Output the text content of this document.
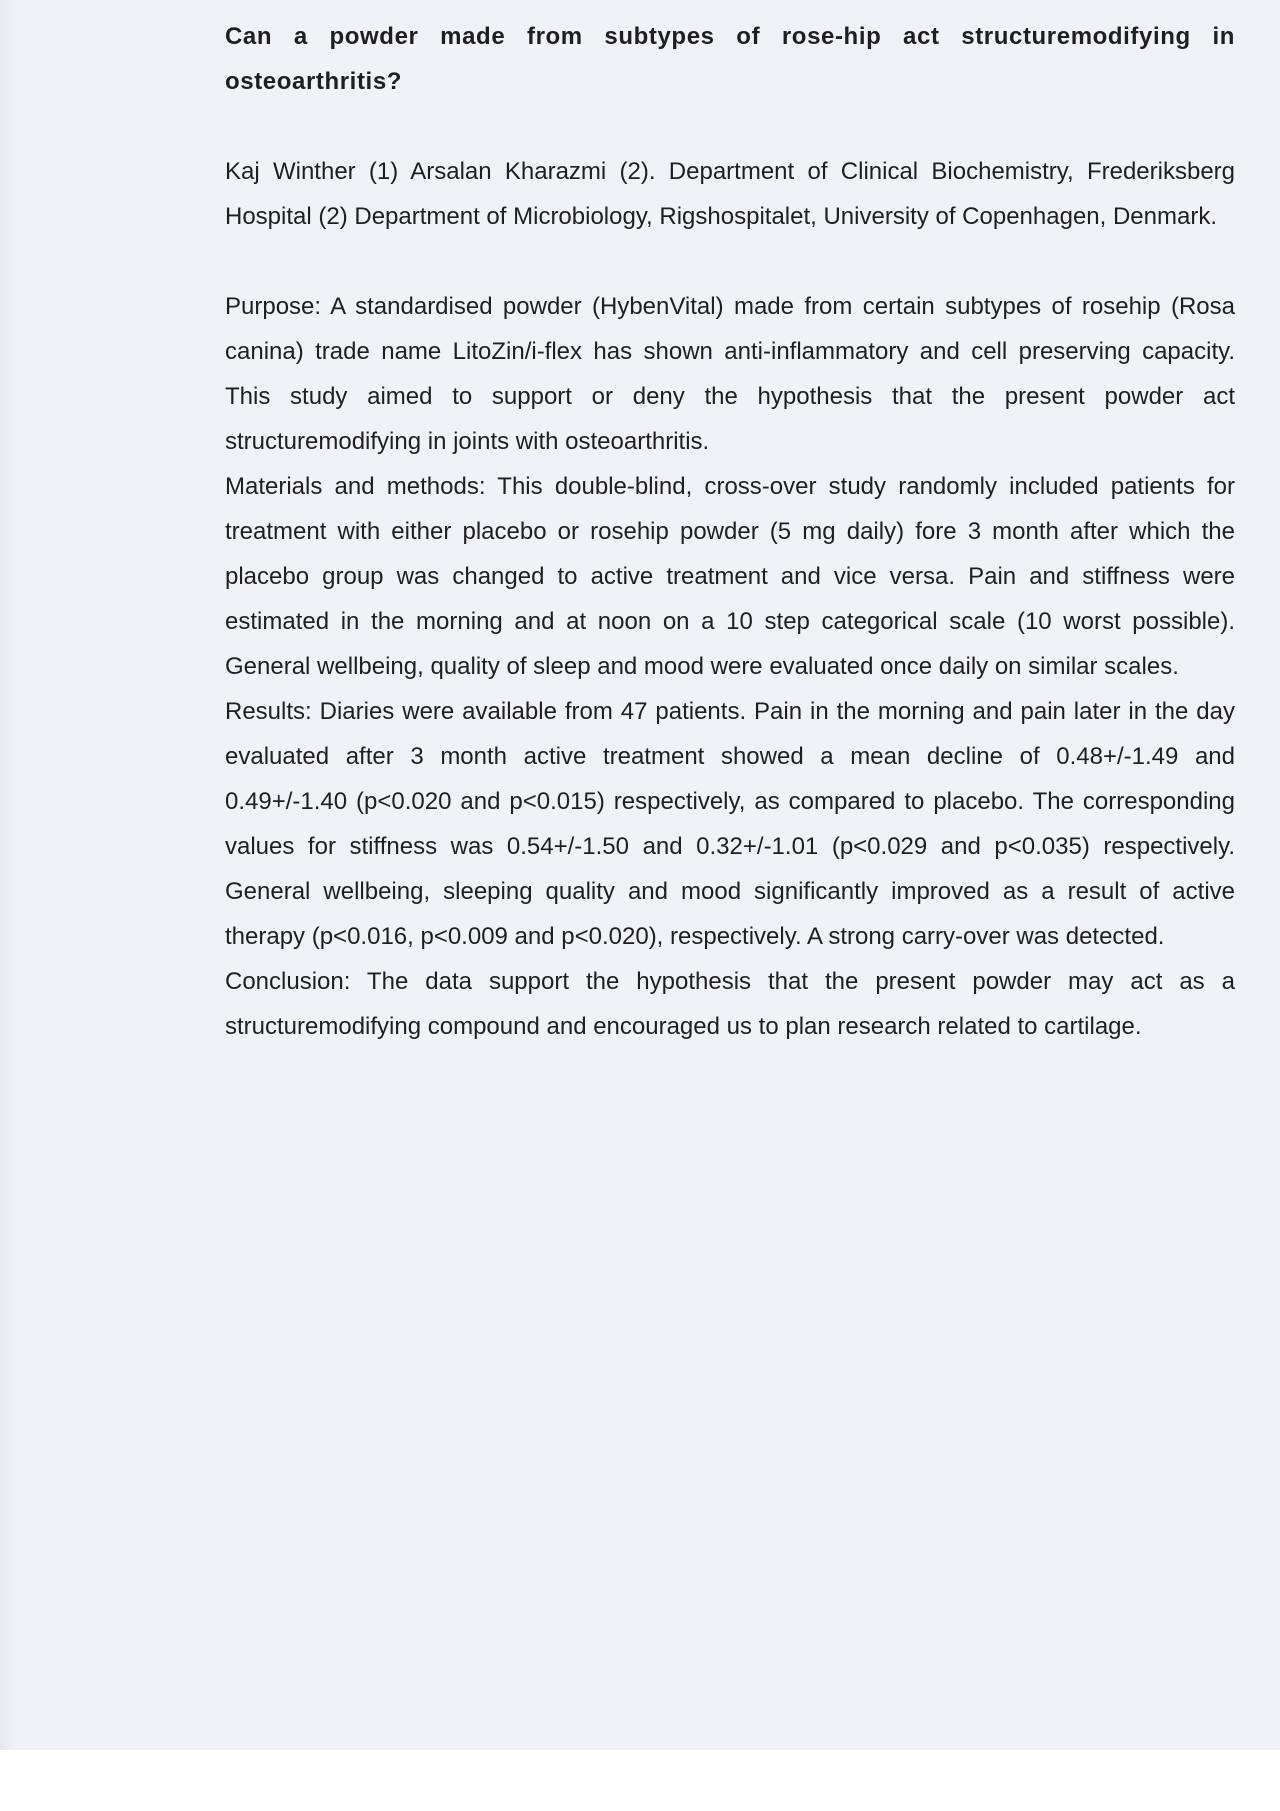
Can a powder made from subtypes of rose-hip act structuremodifying in osteoarthritis?

Kaj Winther (1) Arsalan Kharazmi (2). Department of Clinical Biochemistry, Frederiksberg Hospital (2) Department of Microbiology, Rigshospitalet, University of Copenhagen, Denmark.

Purpose: A standardised powder (HybenVital) made from certain subtypes of rosehip (Rosa canina) trade name LitoZin/i-flex has shown anti-inflammatory and cell preserving capacity. This study aimed to support or deny the hypothesis that the present powder act structuremodifying in joints with osteoarthritis.

Materials and methods: This double-blind, cross-over study randomly included patients for treatment with either placebo or rosehip powder (5 mg daily) fore 3 month after which the placebo group was changed to active treatment and vice versa. Pain and stiffness were estimated in the morning and at noon on a 10 step categorical scale (10 worst possible). General wellbeing, quality of sleep and mood were evaluated once daily on similar scales.

Results: Diaries were available from 47 patients. Pain in the morning and pain later in the day evaluated after 3 month active treatment showed a mean decline of 0.48+/-1.49 and 0.49+/-1.40 (p<0.020 and p<0.015) respectively, as compared to placebo. The corresponding values for stiffness was 0.54+/-1.50 and 0.32+/-1.01 (p<0.029 and p<0.035) respectively. General wellbeing, sleeping quality and mood significantly improved as a result of active therapy (p<0.016, p<0.009 and p<0.020), respectively. A strong carry-over was detected.

Conclusion: The data support the hypothesis that the present powder may act as a structuremodifying compound and encouraged us to plan research related to cartilage.
